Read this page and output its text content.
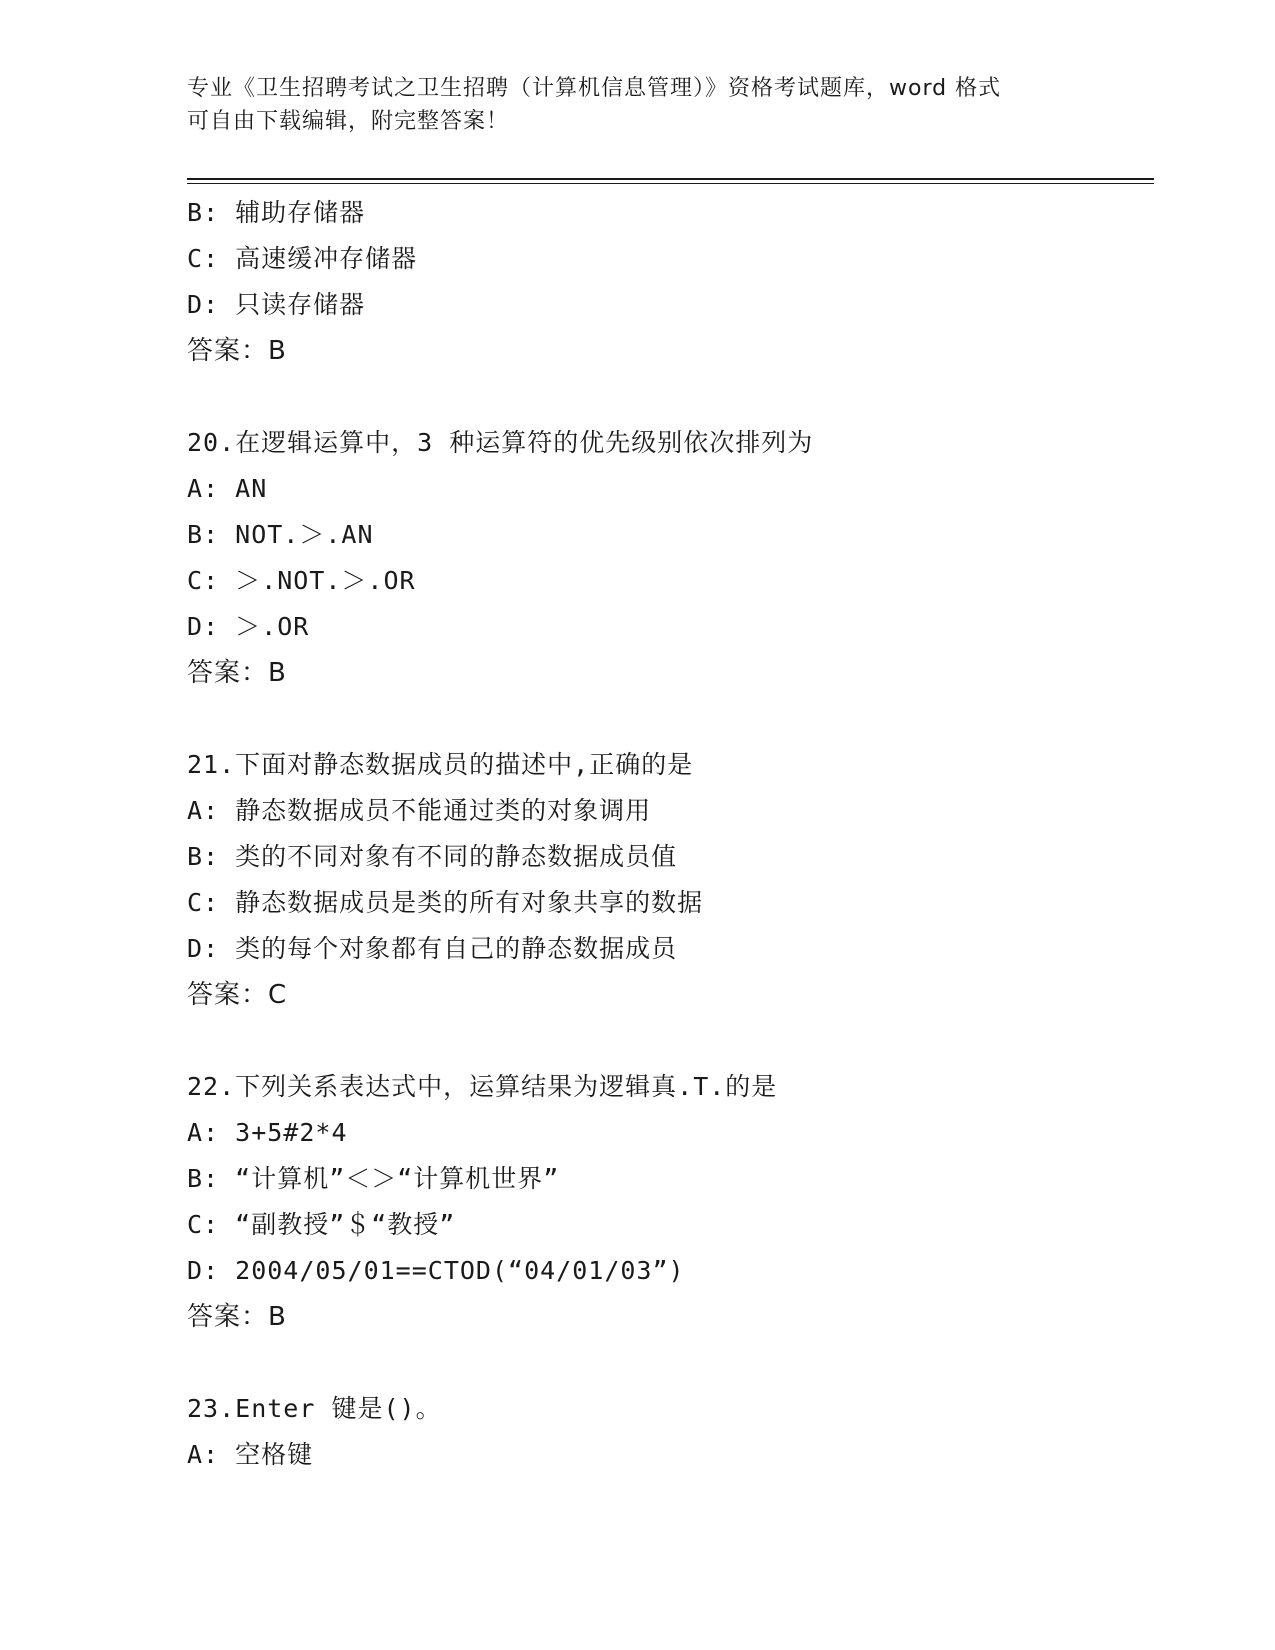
专业《卫生招聘考试之卫生招聘（计算机信息管理）》资格考试题库，word 格式
可自由下载编辑，附完整答案！
B: 辅助存储器
C: 高速缓冲存储器
D: 只读存储器
答案：B
20.在逻辑运算中，3 种运算符的优先级别依次排列为
A: AN
B: NOT.＞.AN
C: ＞.NOT.＞.OR
D: ＞.OR
答案：B
21.下面对静态数据成员的描述中,正确的是
A: 静态数据成员不能通过类的对象调用
B: 类的不同对象有不同的静态数据成员值
C: 静态数据成员是类的所有对象共享的数据
D: 类的每个对象都有自己的静态数据成员
答案：C
22.下列关系表达式中，运算结果为逻辑真.T.的是
A: 3+5#2*4
B: “计算机”＜＞“计算机世界”
C: “副教授”＄“教授”
D: 2004/05/01==CTOD(“04/01/03”)
答案：B
23.Enter 键是()。
A: 空格键
